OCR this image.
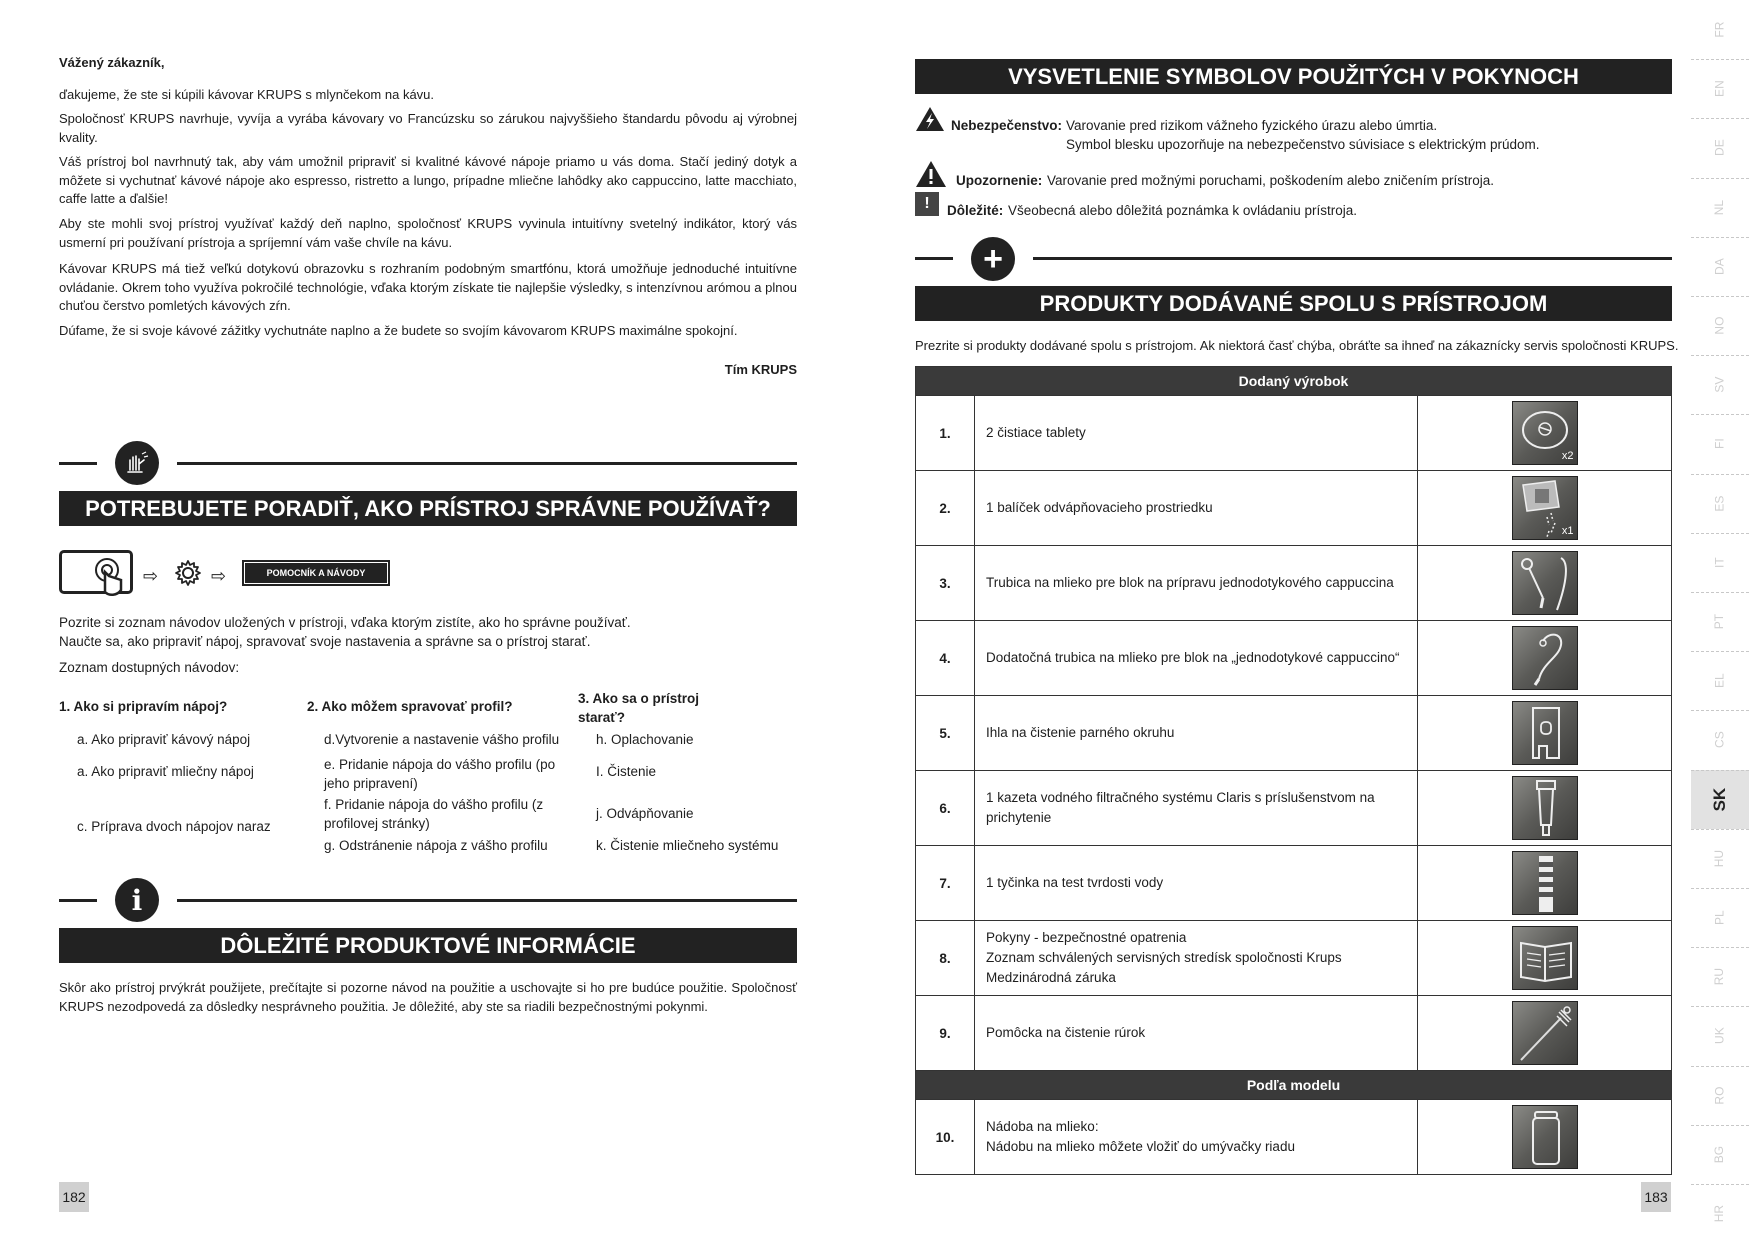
Vážený zákazník,
ďakujeme, že ste si kúpili kávovar KRUPS s mlynčekom na kávu.
Spoločnosť KRUPS navrhuje, vyvíja a vyrába kávovary vo Francúzsku so zárukou najvyššieho štandardu pôvodu aj výrobnej kvality.
Váš prístroj bol navrhnutý tak, aby vám umožnil pripraviť si kvalitné kávové nápoje priamo u vás doma. Stačí jediný dotyk a môžete si vychutnať kávové nápoje ako espresso, ristretto a lungo, prípadne mliečne lahôdky ako cappuccino, latte macchiato, caffe latte a ďalšie!
Aby ste mohli svoj prístroj využívať každý deň naplno, spoločnosť KRUPS vyvinula intuitívny svetelný indikátor, ktorý vás usmerní pri používaní prístroja a spríjemní vám vaše chvíle na kávu.
Kávovar KRUPS má tiež veľkú dotykovú obrazovku s rozhraním podobným smartfónu, ktorá umožňuje jednoduché intuitívne ovládanie. Okrem toho využíva pokročilé technológie, vďaka ktorým získate tie najlepšie výsledky, s intenzívnou arómou a plnou chuťou čerstvo pomletých kávových zŕn.
Dúfame, že si svoje kávové zážitky vychutnáte naplno a že budete so svojím kávovarom KRUPS maximálne spokojní.
Tím KRUPS
POTREBUJETE PORADIŤ, AKO PRÍSTROJ SPRÁVNE POUŽÍVAŤ?
⇨	⇨	POMOCNÍK A NÁVODY
Pozrite si zoznam návodov uložených v prístroji, vďaka ktorým zistíte, ako ho správne používať.
Naučte sa, ako pripraviť nápoj, spravovať svoje nastavenia a správne sa o prístroj starať.
Zoznam dostupných návodov:
1. Ako si pripravím nápoj?
a. Ako pripraviť kávový nápoj
a. Ako pripraviť mliečny nápoj
c. Príprava dvoch nápojov naraz
2. Ako môžem spravovať profil?
d.Vytvorenie a nastavenie vášho profilu
e. Pridanie nápoja do vášho profilu (po jeho pripravení)
f. Pridanie nápoja do vášho profilu (z profilovej stránky)
g. Odstránenie nápoja z vášho profilu
3. Ako sa o prístroj starať?
h. Oplachovanie
I. Čistenie
j. Odvápňovanie
k. Čistenie mliečneho systému
i
DÔLEŽITÉ PRODUKTOVÉ INFORMÁCIE
Skôr ako prístroj prvýkrát použijete, prečítajte si pozorne návod na použitie a uschovajte si ho pre budúce použitie. Spoločnosť KRUPS nezodpovedá za dôsledky nesprávneho použitia. Je dôležité, aby ste sa riadili bezpečnostnými pokynmi.
182
VYSVETLENIE SYMBOLOV POUŽITÝCH V POKYNOCH
Nebezpečenstvo: Varovanie pred rizikom vážneho fyzického úrazu alebo úmrtia.
Symbol blesku upozorňuje na nebezpečenstvo súvisiace s elektrickým prúdom.
Upozornenie: Varovanie pred možnými poruchami, poškodením alebo zničením prístroja.
!	Dôležité: Všeobecná alebo dôležitá poznámka k ovládaniu prístroja.
+
PRODUKTY DODÁVANÉ SPOLU S PRÍSTROJOM
Prezrite si produkty dodávané spolu s prístrojom. Ak niektorá časť chýba, obráťte sa ihneď na zákaznícky servis spoločnosti KRUPS.
Dodaný výrobok		
1.	2 čistiace tablety	x2

2.	1 balíček odvápňovacieho prostriedku	x1

3.	Trubica na mlieko pre blok na prípravu jednodotykového cappuccina	

4.	Dodatočná trubica na mlieko pre blok na „jednodotykové cappuccino“	

5.	Ihla na čistenie parného okruhu	

6.	1 kazeta vodného filtračného systému Claris s príslušenstvom na prichytenie	

7.	1 tyčinka na test tvrdosti vody	

8.	Pokyny - bezpečnostné opatrenia
Zoznam schválených servisných stredísk spoločnosti Krups
Medzinárodná záruka

9.	Pomôcka na čistenie rúrok	

Podľa modelu		
10.	Nádoba na mlieko:
Nádobu na mlieko môžete vložiť do umývačky riadu

183
FR
EN
DE
NL
DA
NO
SV
FI
ES
IT
PT
EL
CS
SK
HU
PL
RU
UK
RO
BG
HR
